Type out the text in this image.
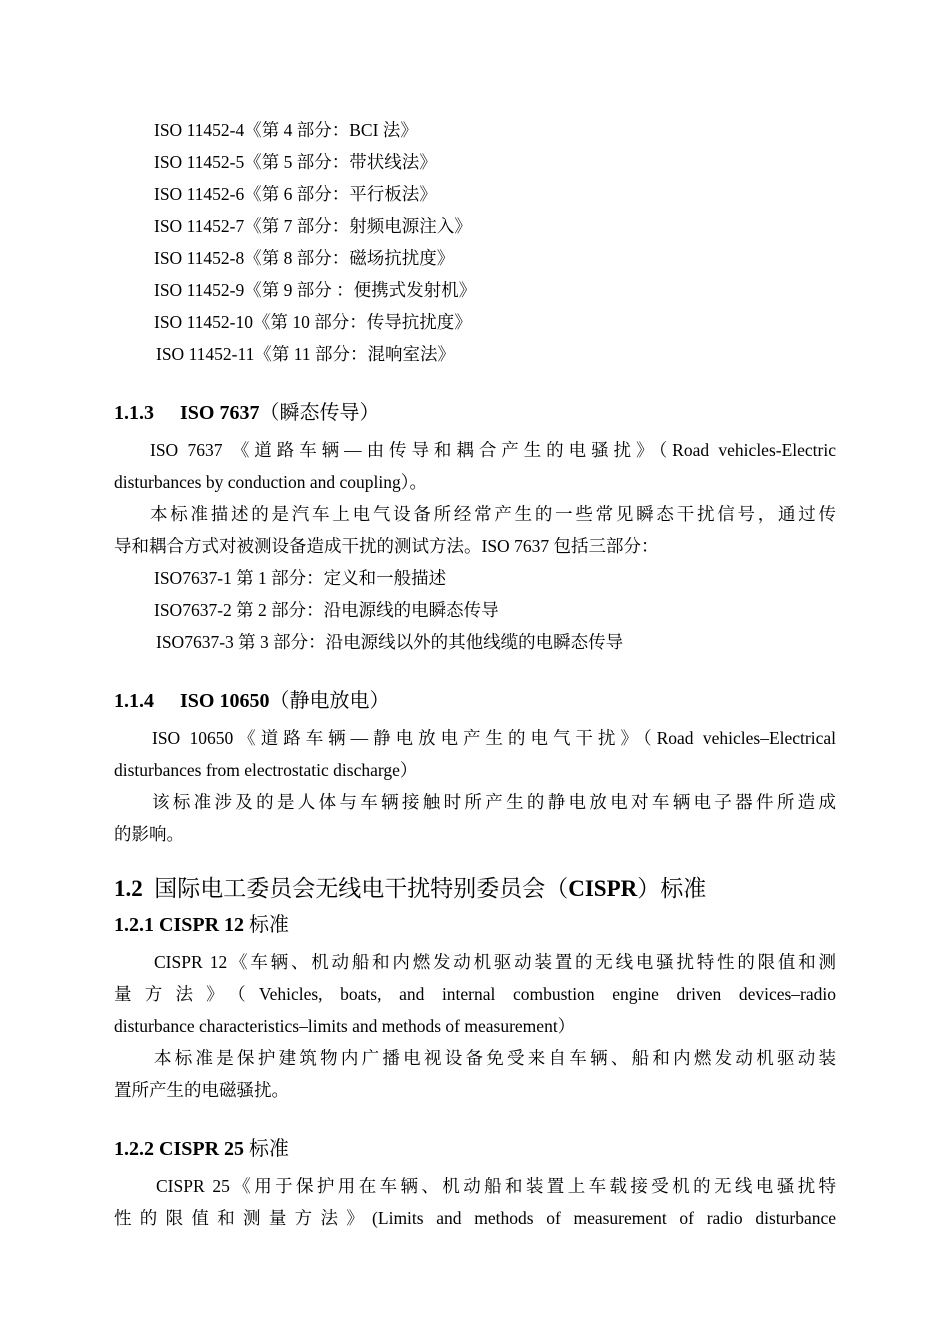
ISO 11452-4《第 4 部分：BCI 法》
ISO 11452-5《第 5 部分：带状线法》
ISO 11452-6《第 6 部分：平行板法》
ISO 11452-7《第 7 部分：射频电源注入》
ISO 11452-8《第 8 部分：磁场抗扰度》
ISO 11452-9《第 9 部分 ：便携式发射机》
ISO 11452-10《第 10 部分：传导抗扰度》
ISO 11452-11《第 11 部分：混响室法》
1.1.3 ISO 7637（瞬态传导）
ISO 7637 《道路车辆—由传导和耦合产生的电骚扰》（Road vehicles-Electric
disturbances by conduction and coupling）。
本标准描述的是汽车上电气设备所经常产生的一些常见瞬态干扰信号，通过传
导和耦合方式对被测设备造成干扰的测试方法。ISO 7637 包括三部分：
ISO7637-1 第 1 部分：定义和一般描述
ISO7637-2 第 2 部分：沿电源线的电瞬态传导
ISO7637-3 第 3 部分：沿电源线以外的其他线缆的电瞬态传导
1.1.4 ISO 10650（静电放电）
ISO 10650《道路车辆—静电放电产生的电气干扰》（Road vehicles–Electrical
disturbances from electrostatic discharge）
该标准涉及的是人体与车辆接触时所产生的静电放电对车辆电子器件所造成
的影响。
1.2 国际电工委员会无线电干扰特别委员会（CISPR）标准
1.2.1 CISPR 12 标准
CISPR 12《车辆、机动船和内燃发动机驱动装置的无线电骚扰特性的限值和测
量方法》（Vehicles, boats, and internal combustion engine driven devices–radio
disturbance characteristics–limits and methods of measurement）
本标准是保护建筑物内广播电视设备免受来自车辆、船和内燃发动机驱动装
置所产生的电磁骚扰。
1.2.2 CISPR 25 标准
CISPR 25《用于保护用在车辆、机动船和装置上车载接受机的无线电骚扰特
性的限值和测量方法》(Limits and methods of measurement of radio disturbance
